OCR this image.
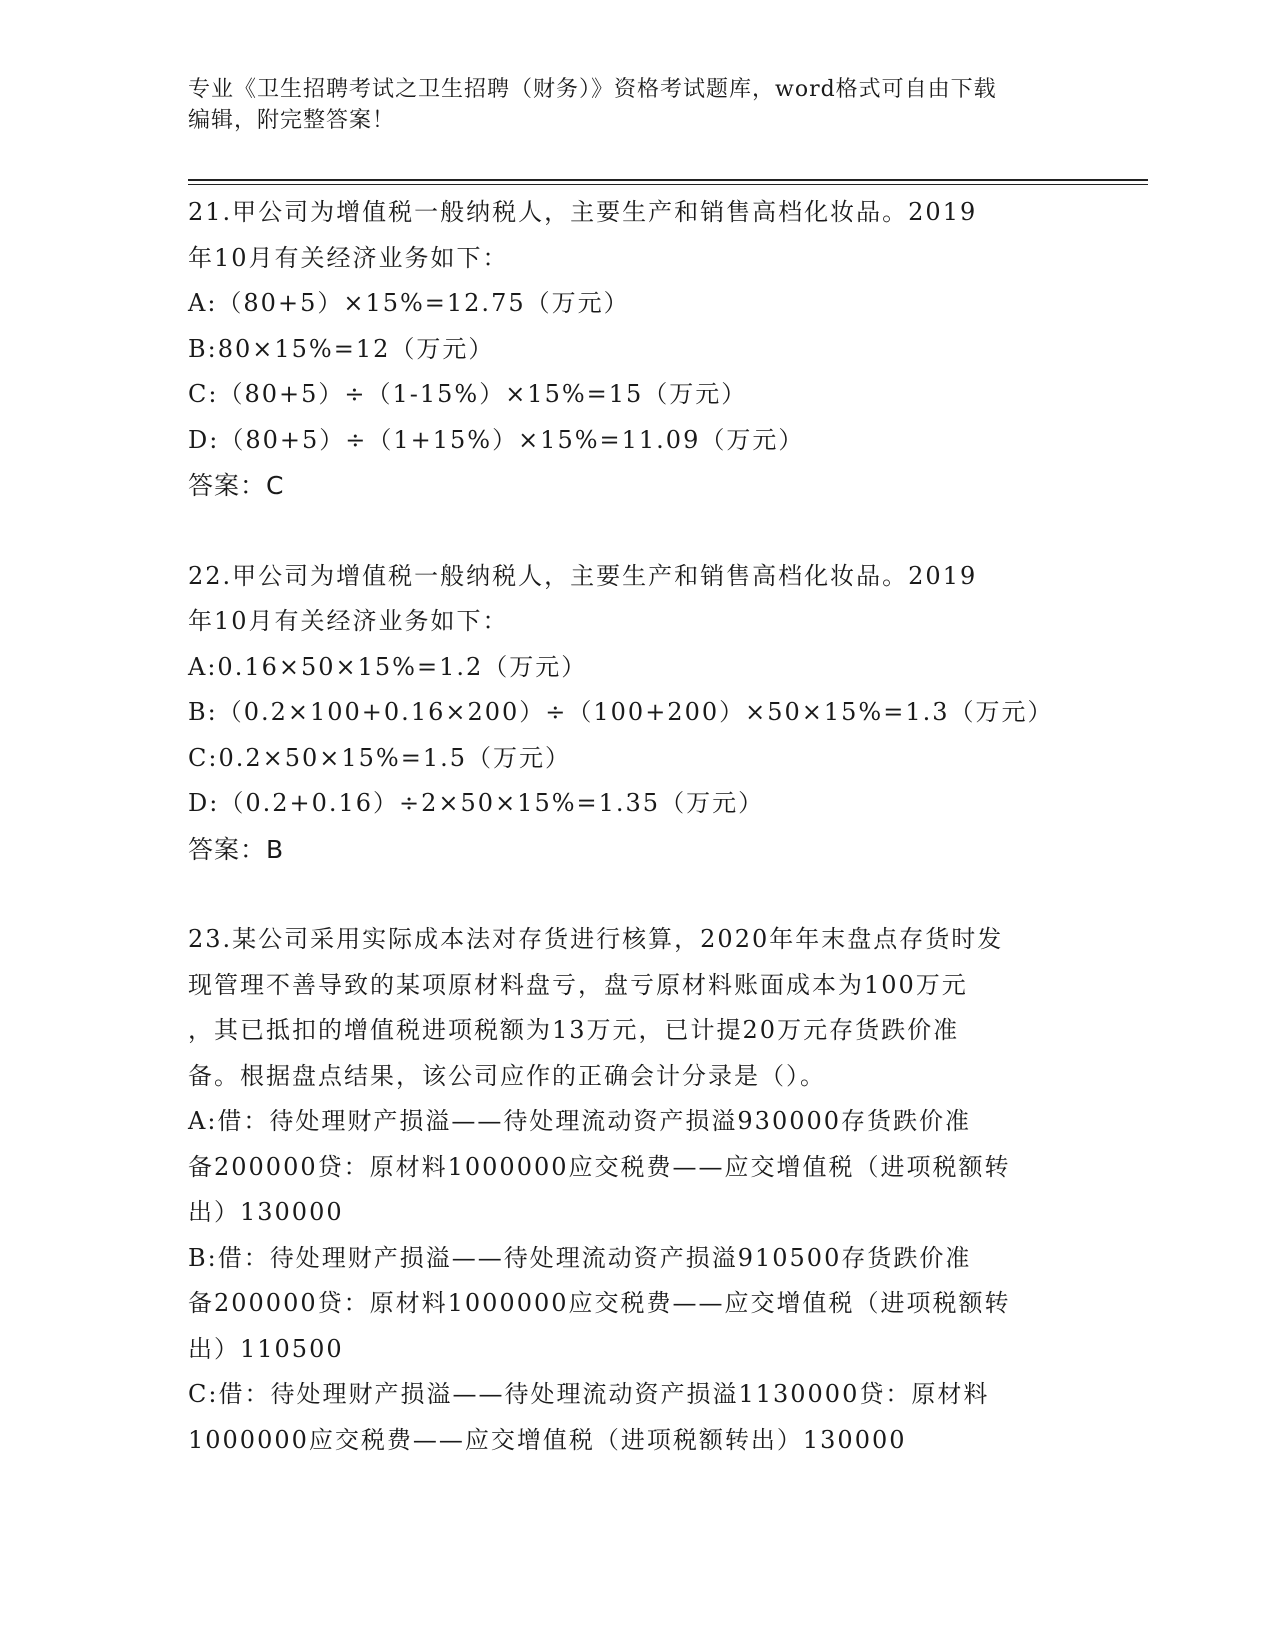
专业《卫生招聘考试之卫生招聘（财务）》资格考试题库，word格式可自由下载
编辑，附完整答案！
21.甲公司为增值税一般纳税人，主要生产和销售高档化妆品。2019
年10月有关经济业务如下：
A:（80+5）×15%=12.75（万元）
B:80×15%=12（万元）
C:（80+5）÷（1-15%）×15%=15（万元）
D:（80+5）÷（1+15%）×15%=11.09（万元）
答案：C
22.甲公司为增值税一般纳税人，主要生产和销售高档化妆品。2019
年10月有关经济业务如下：
A:0.16×50×15%=1.2（万元）
B:（0.2×100+0.16×200）÷（100+200）×50×15%=1.3（万元）
C:0.2×50×15%=1.5（万元）
D:（0.2+0.16）÷2×50×15%=1.35（万元）
答案：B
23.某公司采用实际成本法对存货进行核算，2020年年末盘点存货时发
现管理不善导致的某项原材料盘亏，盘亏原材料账面成本为100万元
，其已抵扣的增值税进项税额为13万元，已计提20万元存货跌价准
备。根据盘点结果，该公司应作的正确会计分录是（）。
A:借：待处理财产损溢——待处理流动资产损溢930000存货跌价准
备200000贷：原材料1000000应交税费——应交增值税（进项税额转
出）130000
B:借：待处理财产损溢——待处理流动资产损溢910500存货跌价准
备200000贷：原材料1000000应交税费——应交增值税（进项税额转
出）110500
C:借：待处理财产损溢——待处理流动资产损溢1130000贷：原材料
1000000应交税费——应交增值税（进项税额转出）130000
